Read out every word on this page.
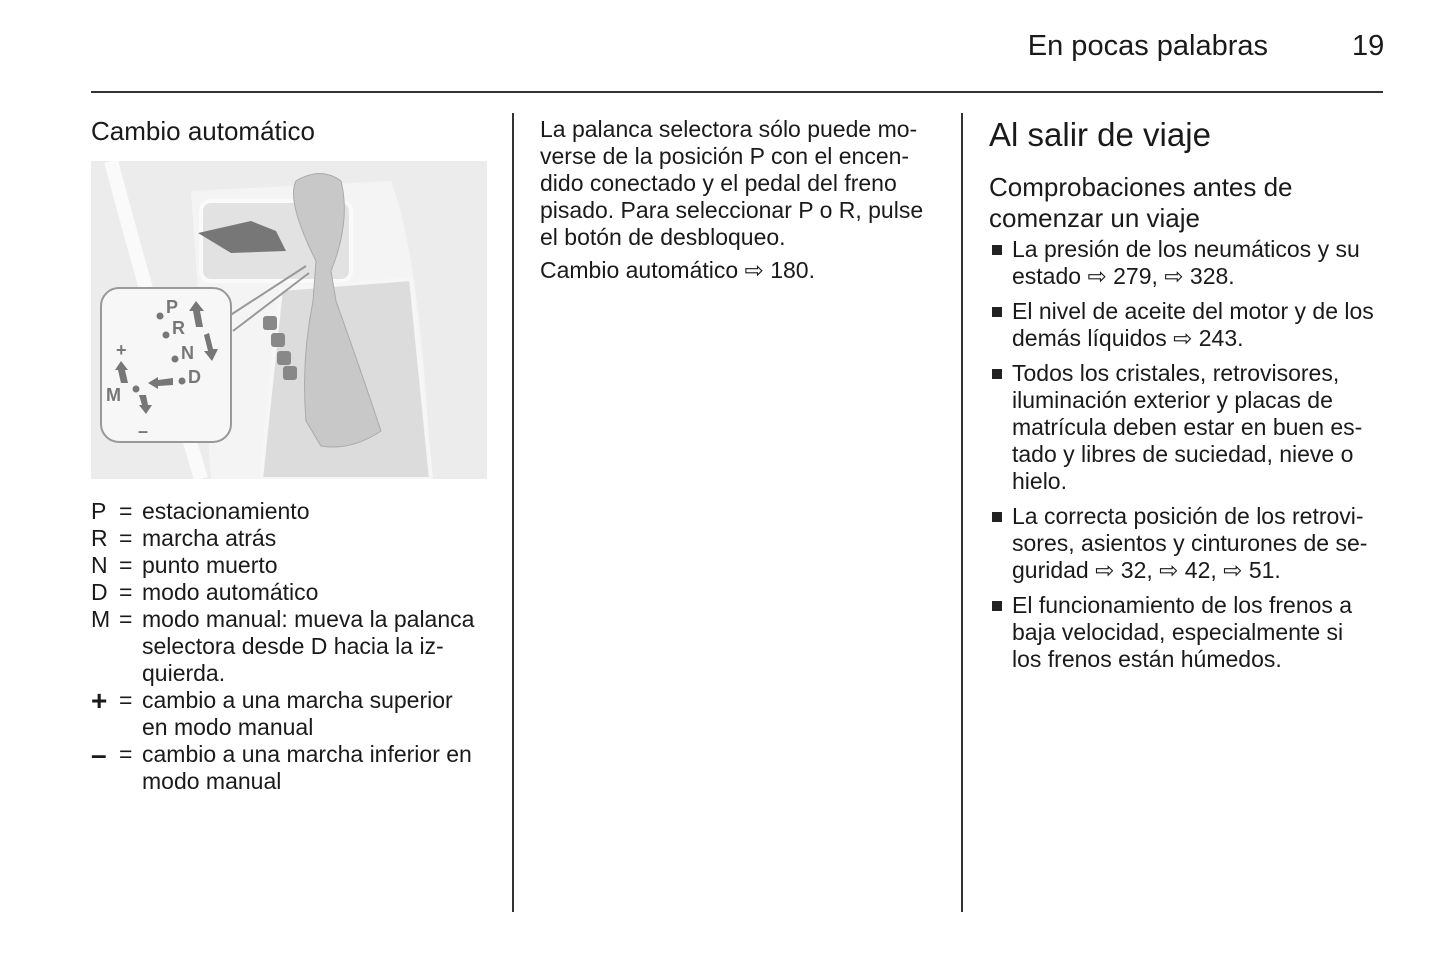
En pocas palabras	19
Cambio automático
P
R
N
D
M
+
–
P = estacionamiento
R = marcha atrás
N = punto muerto
D = modo automático
M = modo manual: mueva la palanca
selectora desde D hacia la iz-
quierda.
+ = cambio a una marcha superior
en modo manual
– = cambio a una marcha inferior en
modo manual
La palanca selectora sólo puede mo-
verse de la posición P con el encen-
dido conectado y el pedal del freno
pisado. Para seleccionar P o R, pulse
el botón de desbloqueo.
Cambio automático ⇨ 180.
Al salir de viaje
Comprobaciones antes de
comenzar un viaje
La presión de los neumáticos y su
estado ⇨ 279, ⇨ 328.
El nivel de aceite del motor y de los
demás líquidos ⇨ 243.
Todos los cristales, retrovisores,
iluminación exterior y placas de
matrícula deben estar en buen es-
tado y libres de suciedad, nieve o
hielo.
La correcta posición de los retrovi-
sores, asientos y cinturones de se-
guridad ⇨ 32, ⇨ 42, ⇨ 51.
El funcionamiento de los frenos a
baja velocidad, especialmente si
los frenos están húmedos.
